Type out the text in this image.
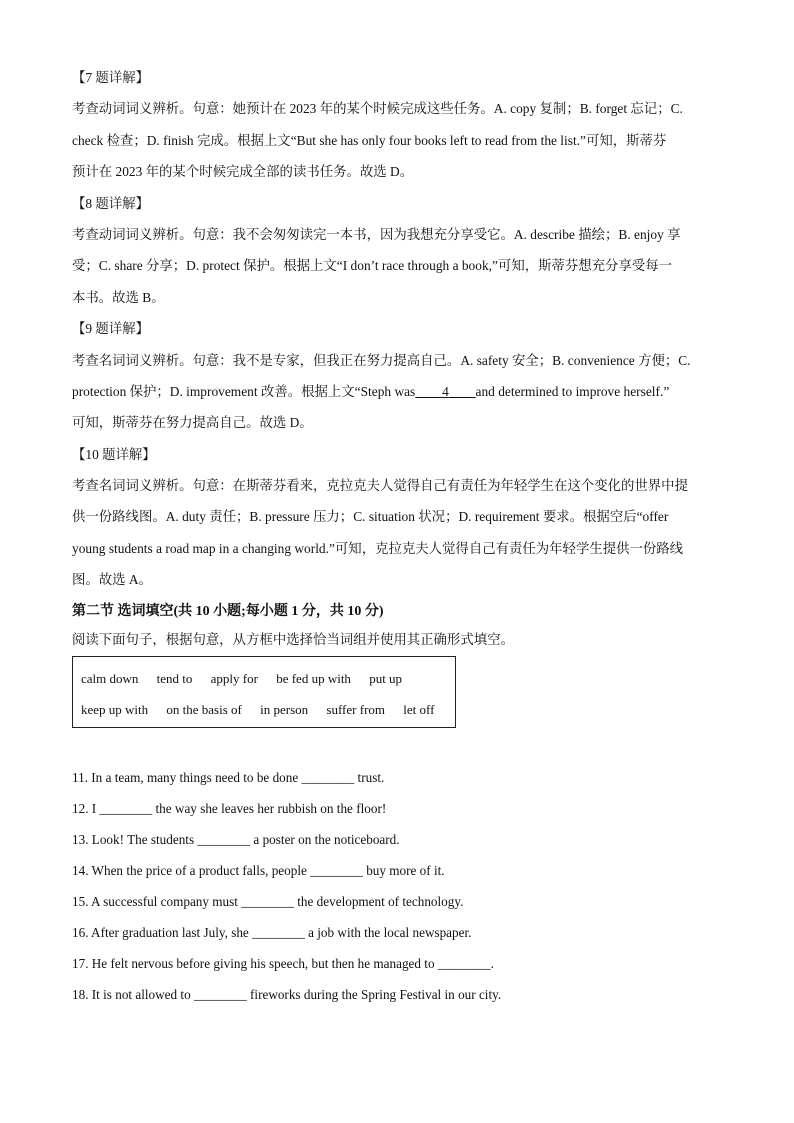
【7 题详解】
考查动词词义辨析。句意：她预计在 2023 年的某个时候完成这些任务。A. copy 复制；B. forget 忘记；C.
check 检查；D. finish 完成。根据上文“But she has only four books left to read from the list.”可知，斯蒂芬
预计在 2023 年的某个时候完成全部的读书任务。故选 D。
【8 题详解】
考查动词词义辨析。句意：我不会匆匆读完一本书，因为我想充分享受它。A. describe 描绘；B. enjoy 享
受；C. share 分享；D. protect 保护。根据上文“I don’t race through a book,”可知，斯蒂芬想充分享受每一
本书。故选 B。
【9 题详解】
考查名词词义辨析。句意：我不是专家，但我正在努力提高自己。A. safety 安全；B. convenience 方便；C.
protection 保护；D. improvement 改善。根据上文“Steph was 4 and determined to improve herself.”
可知，斯蒂芬在努力提高自己。故选 D。
【10 题详解】
考查名词词义辨析。句意：在斯蒂芬看来，克拉克夫人觉得自己有责任为年轻学生在这个变化的世界中提
供一份路线图。A. duty 责任；B. pressure 压力；C. situation 状况；D. requirement 要求。根据空后“offer
young students a road map in a changing world.”可知，克拉克夫人觉得自己有责任为年轻学生提供一份路线
图。故选 A。
第二节 选词填空(共 10 小题;每小题 1 分，共 10 分)
阅读下面句子，根据句意，从方框中选择恰当词组并使用其正确形式填空。
calm down tend to apply for be fed up with put up
keep up with on the basis of in person suffer from let off
11. In a team, many things need to be done ________ trust.
12. I ________ the way she leaves her rubbish on the floor!
13. Look! The students ________ a poster on the noticeboard.
14. When the price of a product falls, people ________ buy more of it.
15. A successful company must ________ the development of technology.
16. After graduation last July, she ________ a job with the local newspaper.
17. He felt nervous before giving his speech, but then he managed to ________.
18. It is not allowed to ________ fireworks during the Spring Festival in our city.
